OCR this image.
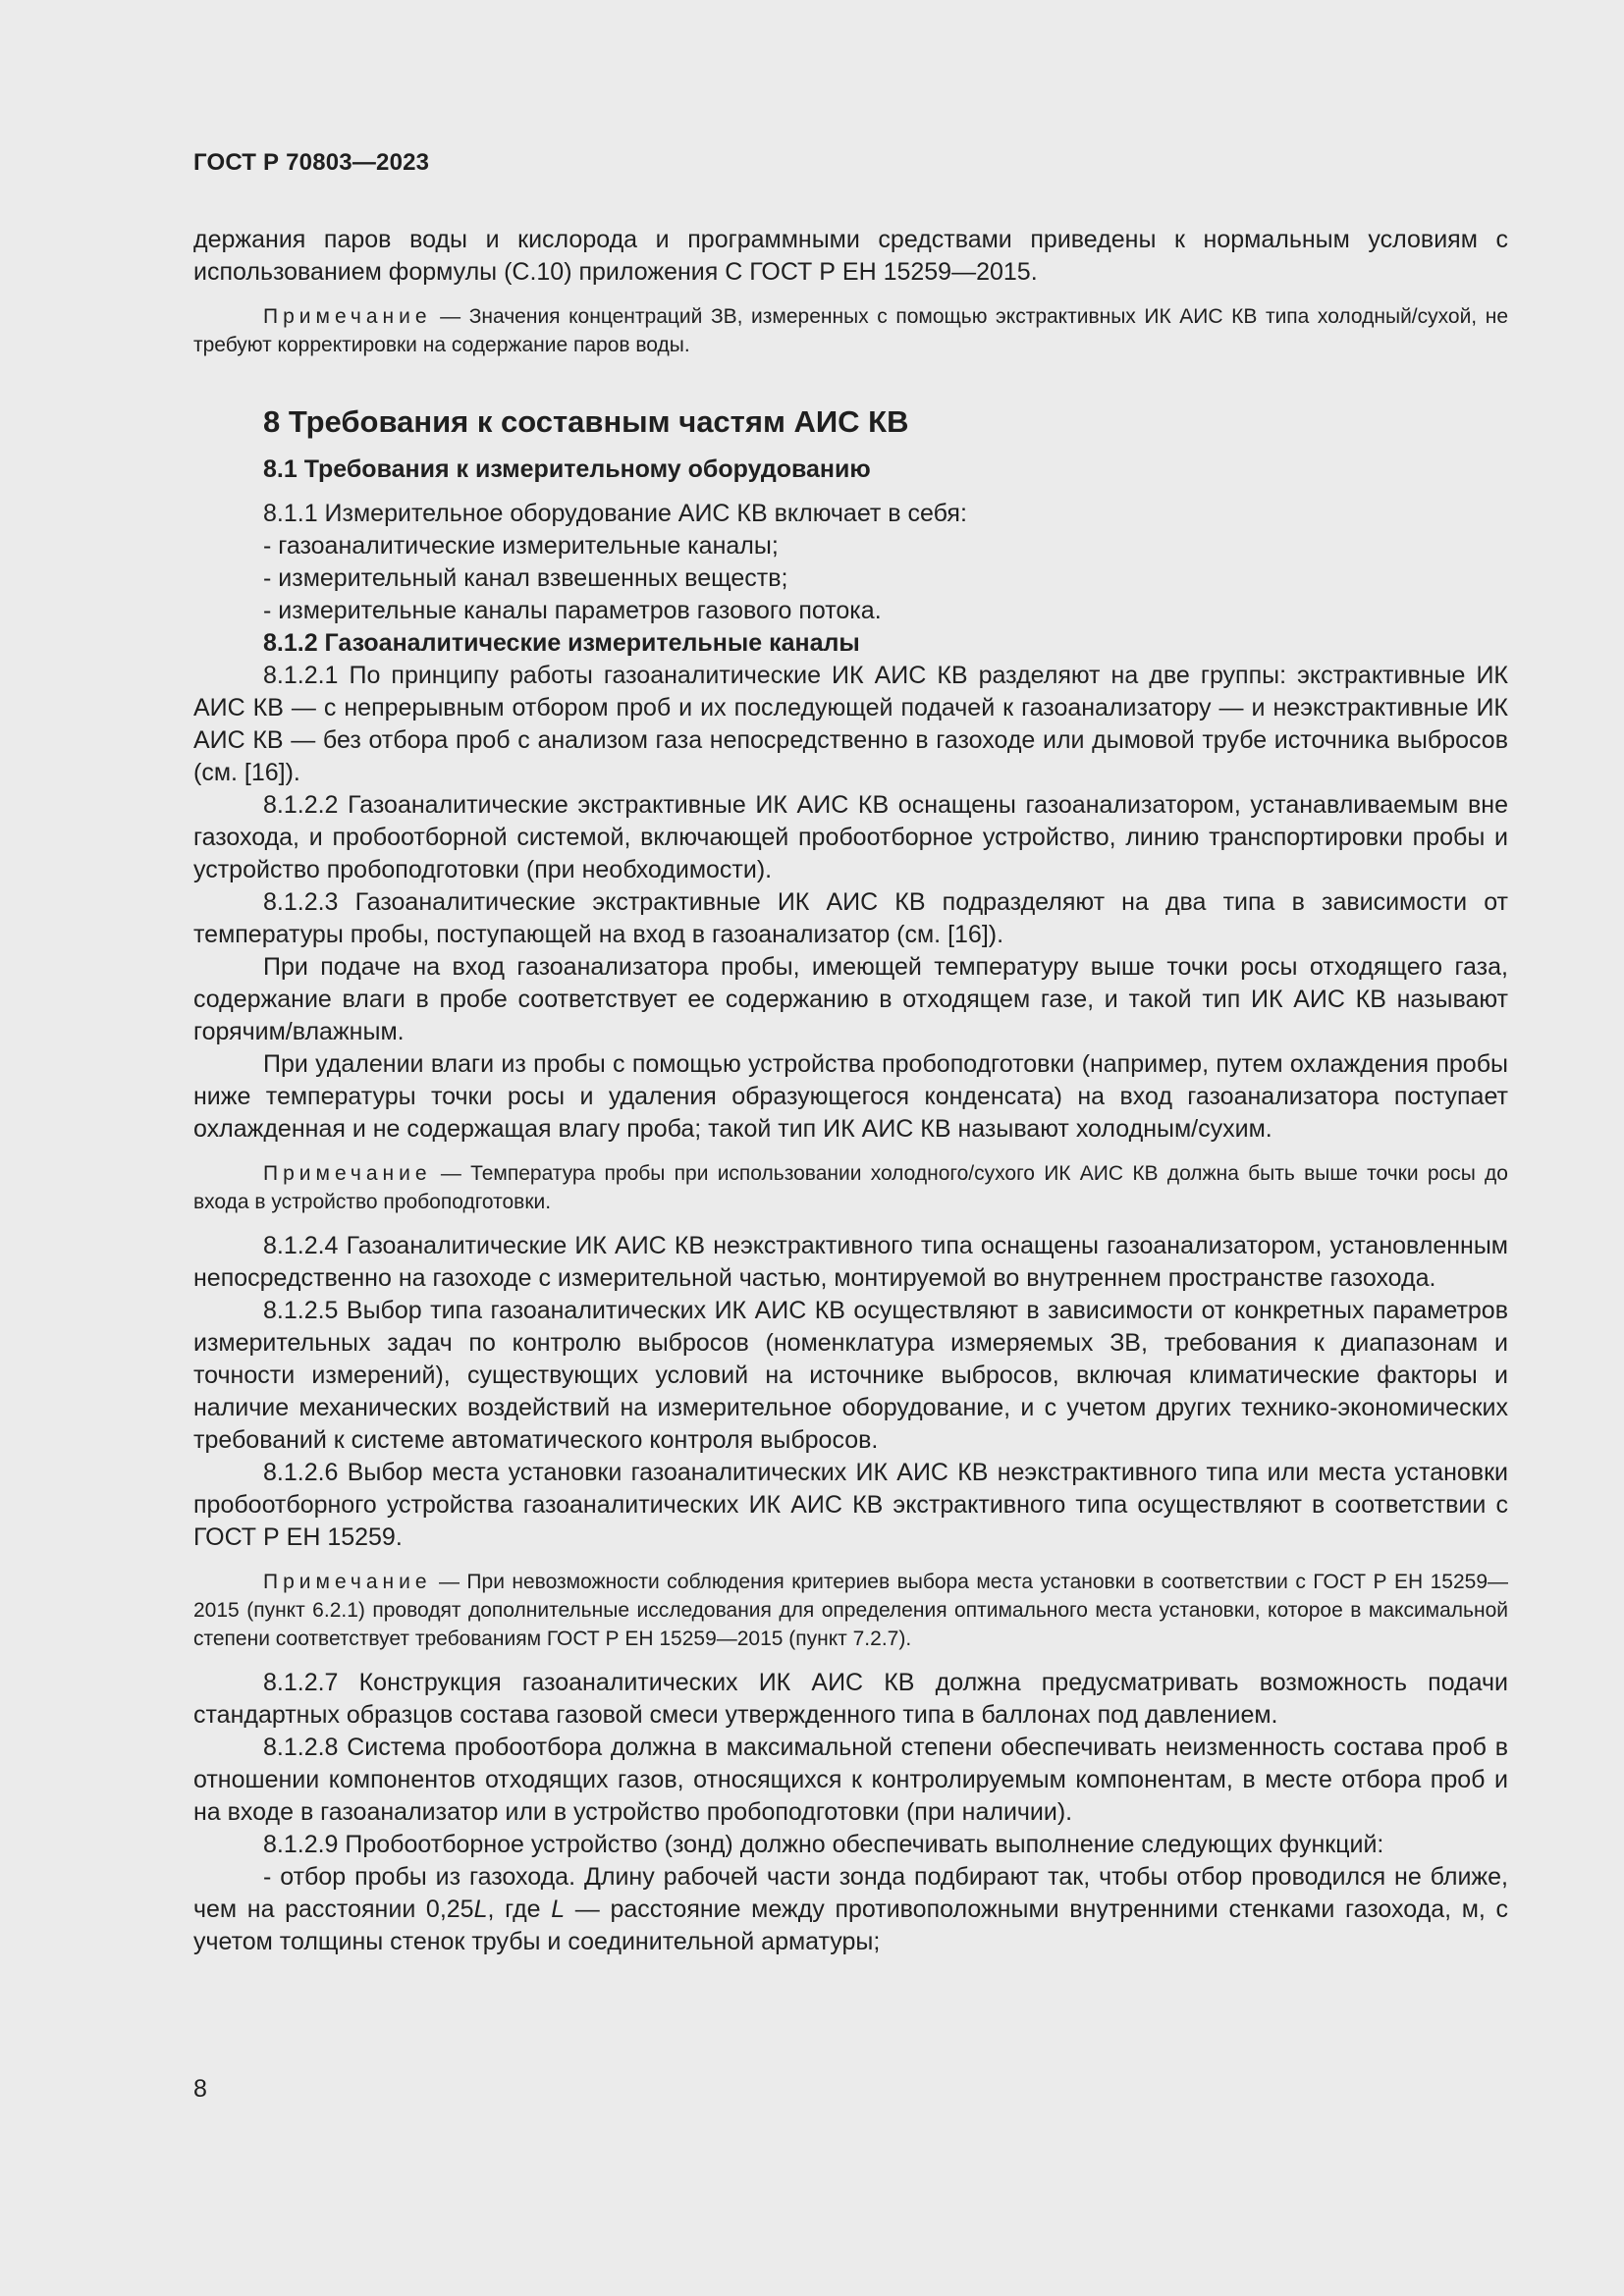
ГОСТ Р 70803—2023

держания паров воды и кислорода и программными средствами приведены к нормальным условиям с использованием формулы (С.10) приложения С ГОСТ Р ЕН 15259—2015.

Примечание — Значения концентраций ЗВ, измеренных с помощью экстрактивных ИК АИС КВ типа холодный/сухой, не требуют корректировки на содержание паров воды.

8 Требования к составным частям АИС КВ
8.1 Требования к измерительному оборудованию

8.1.1 Измерительное оборудование АИС КВ включает в себя:

- газоаналитические измерительные каналы;

- измерительный канал взвешенных веществ;

- измерительные каналы параметров газового потока.

8.1.2 Газоаналитические измерительные каналы

8.1.2.1 По принципу работы газоаналитические ИК АИС КВ разделяют на две группы: экстрактивные ИК АИС КВ — с непрерывным отбором проб и их последующей подачей к газоанализатору — и неэкстрактивные ИК АИС КВ — без отбора проб с анализом газа непосредственно в газоходе или дымовой трубе источника выбросов (см. [16]).

8.1.2.2 Газоаналитические экстрактивные ИК АИС КВ оснащены газоанализатором, устанавливаемым вне газохода, и пробоотборной системой, включающей пробоотборное устройство, линию транспортировки пробы и устройство пробоподготовки (при необходимости).

8.1.2.3 Газоаналитические экстрактивные ИК АИС КВ подразделяют на два типа в зависимости от температуры пробы, поступающей на вход в газоанализатор (см. [16]).

При подаче на вход газоанализатора пробы, имеющей температуру выше точки росы отходящего газа, содержание влаги в пробе соответствует ее содержанию в отходящем газе, и такой тип ИК АИС КВ называют горячим/влажным.

При удалении влаги из пробы с помощью устройства пробоподготовки (например, путем охлаждения пробы ниже температуры точки росы и удаления образующегося конденсата) на вход газоанализатора поступает охлажденная и не содержащая влагу проба; такой тип ИК АИС КВ называют холодным/сухим.

Примечание — Температура пробы при использовании холодного/сухого ИК АИС КВ должна быть выше точки росы до входа в устройство пробоподготовки.

8.1.2.4 Газоаналитические ИК АИС КВ неэкстрактивного типа оснащены газоанализатором, установленным непосредственно на газоходе с измерительной частью, монтируемой во внутреннем пространстве газохода.

8.1.2.5 Выбор типа газоаналитических ИК АИС КВ осуществляют в зависимости от конкретных параметров измерительных задач по контролю выбросов (номенклатура измеряемых ЗВ, требования к диапазонам и точности измерений), существующих условий на источнике выбросов, включая климатические факторы и наличие механических воздействий на измерительное оборудование, и с учетом других технико-экономических требований к системе автоматического контроля выбросов.

8.1.2.6 Выбор места установки газоаналитических ИК АИС КВ неэкстрактивного типа или места установки пробоотборного устройства газоаналитических ИК АИС КВ экстрактивного типа осуществляют в соответствии с ГОСТ Р ЕН 15259.

Примечание — При невозможности соблюдения критериев выбора места установки в соответствии с ГОСТ Р ЕН 15259—2015 (пункт 6.2.1) проводят дополнительные исследования для определения оптимального места установки, которое в максимальной степени соответствует требованиям ГОСТ Р ЕН 15259—2015 (пункт 7.2.7).

8.1.2.7 Конструкция газоаналитических ИК АИС КВ должна предусматривать возможность подачи стандартных образцов состава газовой смеси утвержденного типа в баллонах под давлением.

8.1.2.8 Система пробоотбора должна в максимальной степени обеспечивать неизменность состава проб в отношении компонентов отходящих газов, относящихся к контролируемым компонентам, в месте отбора проб и на входе в газоанализатор или в устройство пробоподготовки (при наличии).

8.1.2.9 Пробоотборное устройство (зонд) должно обеспечивать выполнение следующих функций:

- отбор пробы из газохода. Длину рабочей части зонда подбирают так, чтобы отбор проводился не ближе, чем на расстоянии 0,25L, где L — расстояние между противоположными внутренними стенками газохода, м, с учетом толщины стенок трубы и соединительной арматуры;

8
